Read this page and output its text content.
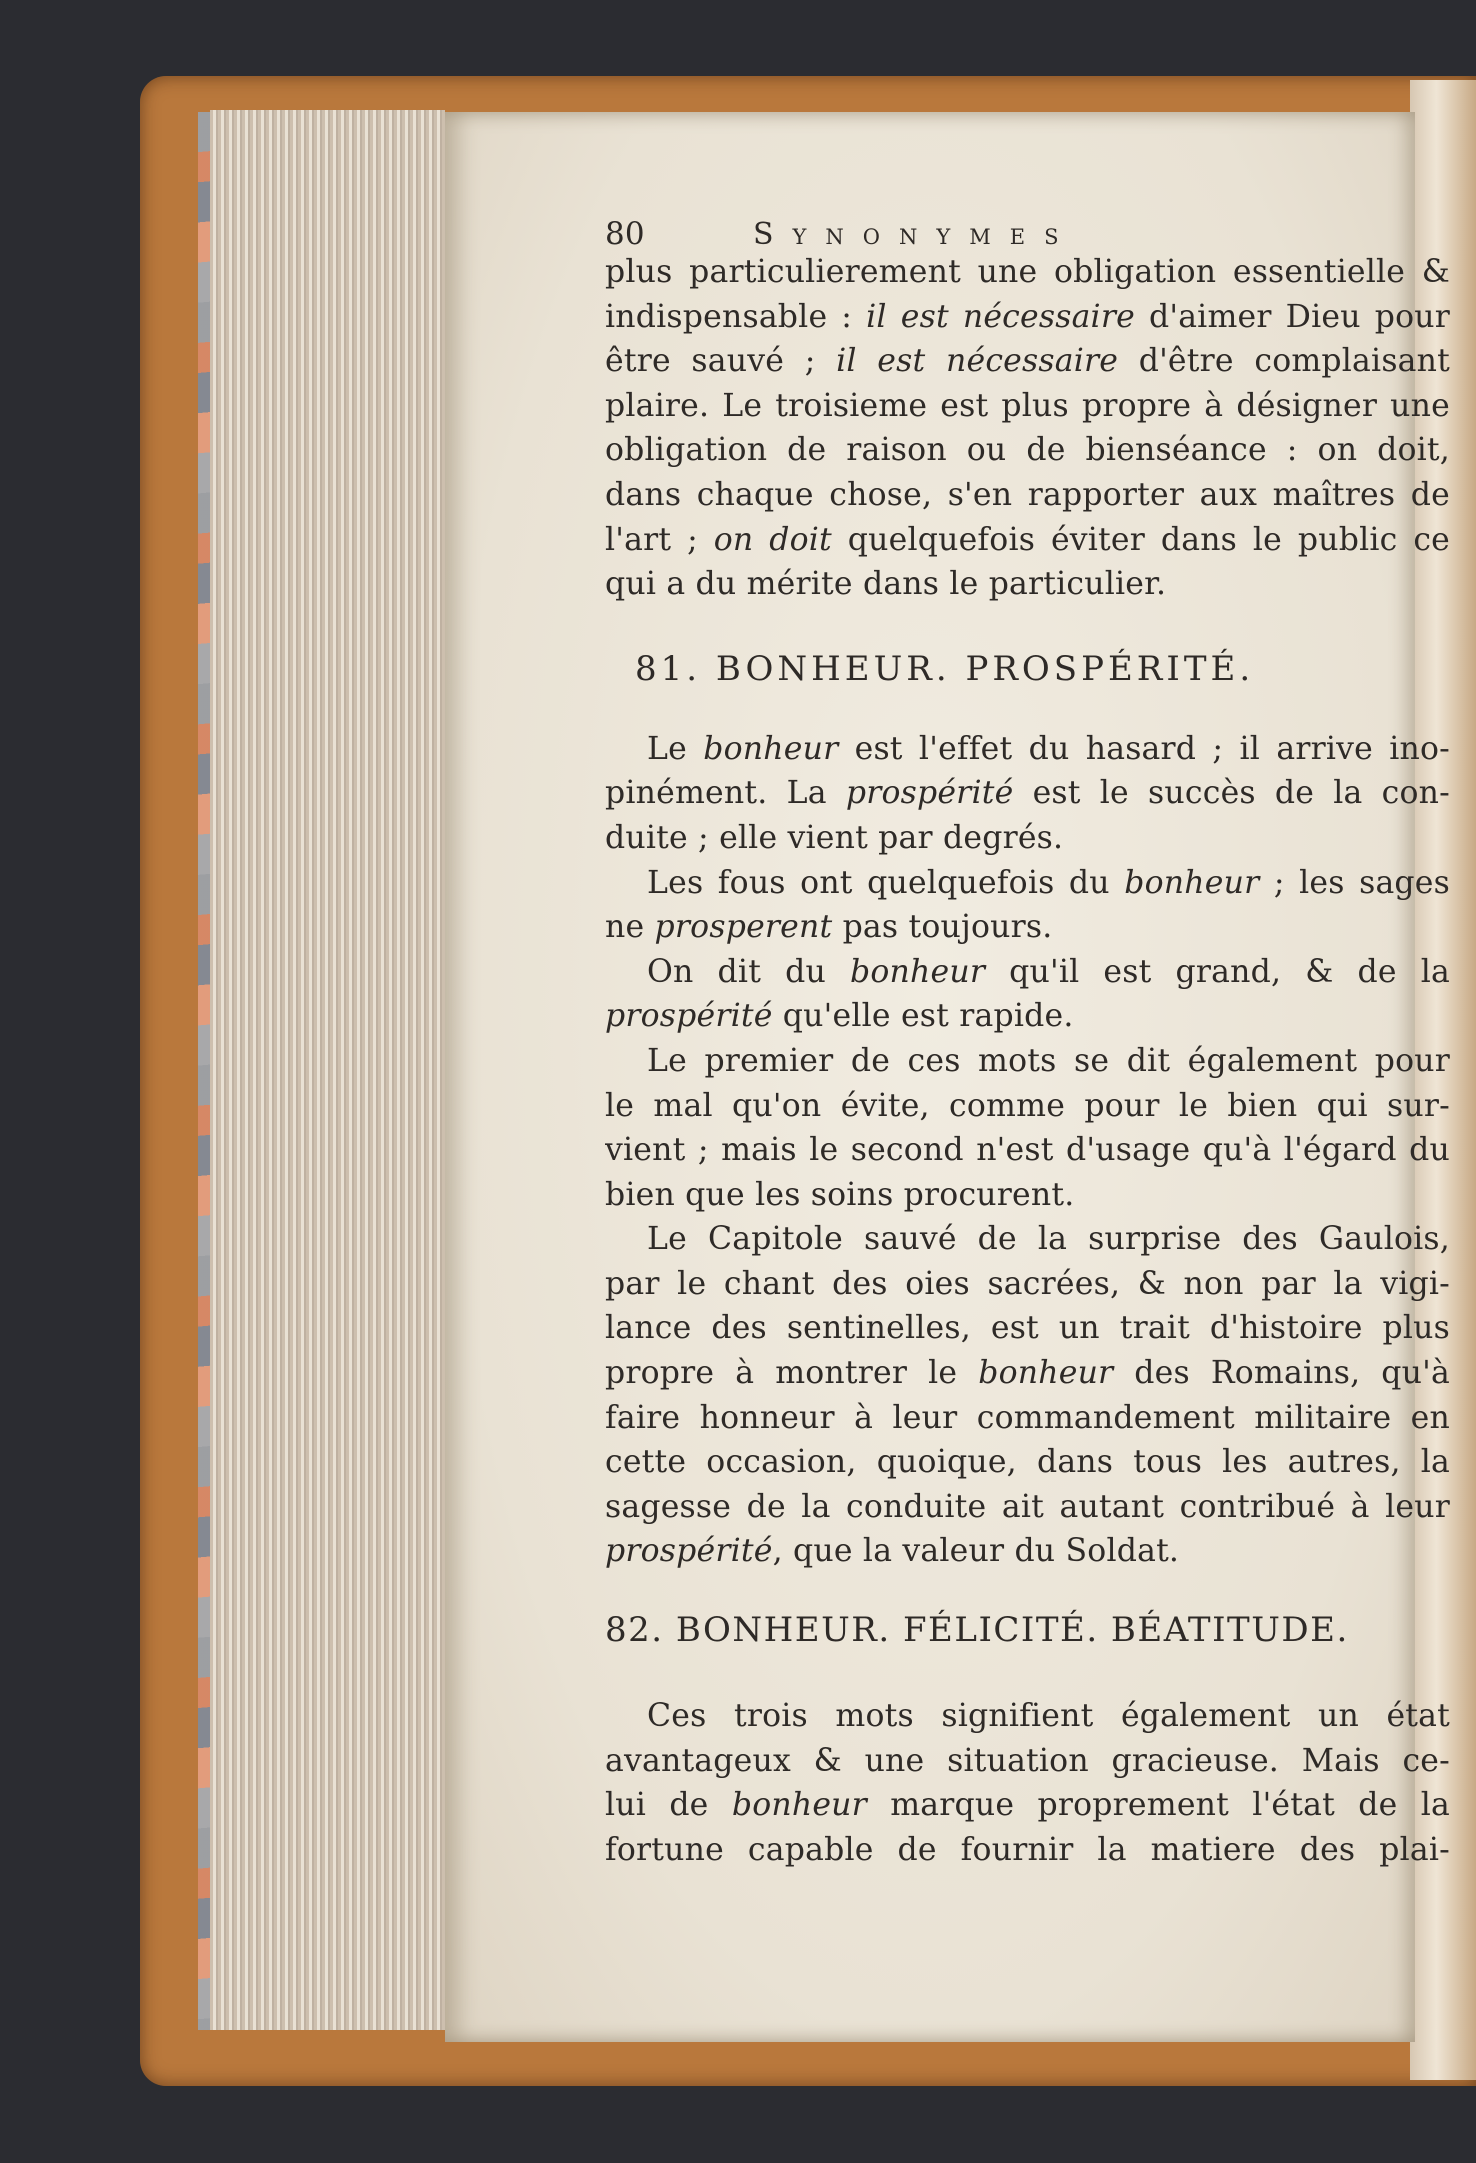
80	Synonymes
plus particulierement une obligation essentielle &
indispensable : il est nécessaire d'aimer Dieu pour
être sauvé ; il est nécessaire d'être complaisant
plaire. Le troisieme est plus propre à désigner une
obligation de raison ou de bienséance : on doit,
dans chaque chose, s'en rapporter aux maîtres de
l'art ; on doit quelquefois éviter dans le public ce
qui a du mérite dans le particulier.
81. BONHEUR. PROSPÉRITÉ.
Le bonheur est l'effet du hasard ; il arrive ino-
pinément. La prospérité est le succès de la con-
duite ; elle vient par degrés.
Les fous ont quelquefois du bonheur ; les sages
ne prosperent pas toujours.
On dit du bonheur qu'il est grand, & de la
prospérité qu'elle est rapide.
Le premier de ces mots se dit également pour
le mal qu'on évite, comme pour le bien qui sur-
vient ; mais le second n'est d'usage qu'à l'égard du
bien que les soins procurent.
Le Capitole sauvé de la surprise des Gaulois,
par le chant des oies sacrées, & non par la vigi-
lance des sentinelles, est un trait d'histoire plus
propre à montrer le bonheur des Romains, qu'à
faire honneur à leur commandement militaire en
cette occasion, quoique, dans tous les autres, la
sagesse de la conduite ait autant contribué à leur
prospérité, que la valeur du Soldat.
82. BONHEUR. FÉLICITÉ. BÉATITUDE.
Ces trois mots signifient également un état
avantageux & une situation gracieuse. Mais ce-
lui de bonheur marque proprement l'état de la
fortune capable de fournir la matiere des plai-
